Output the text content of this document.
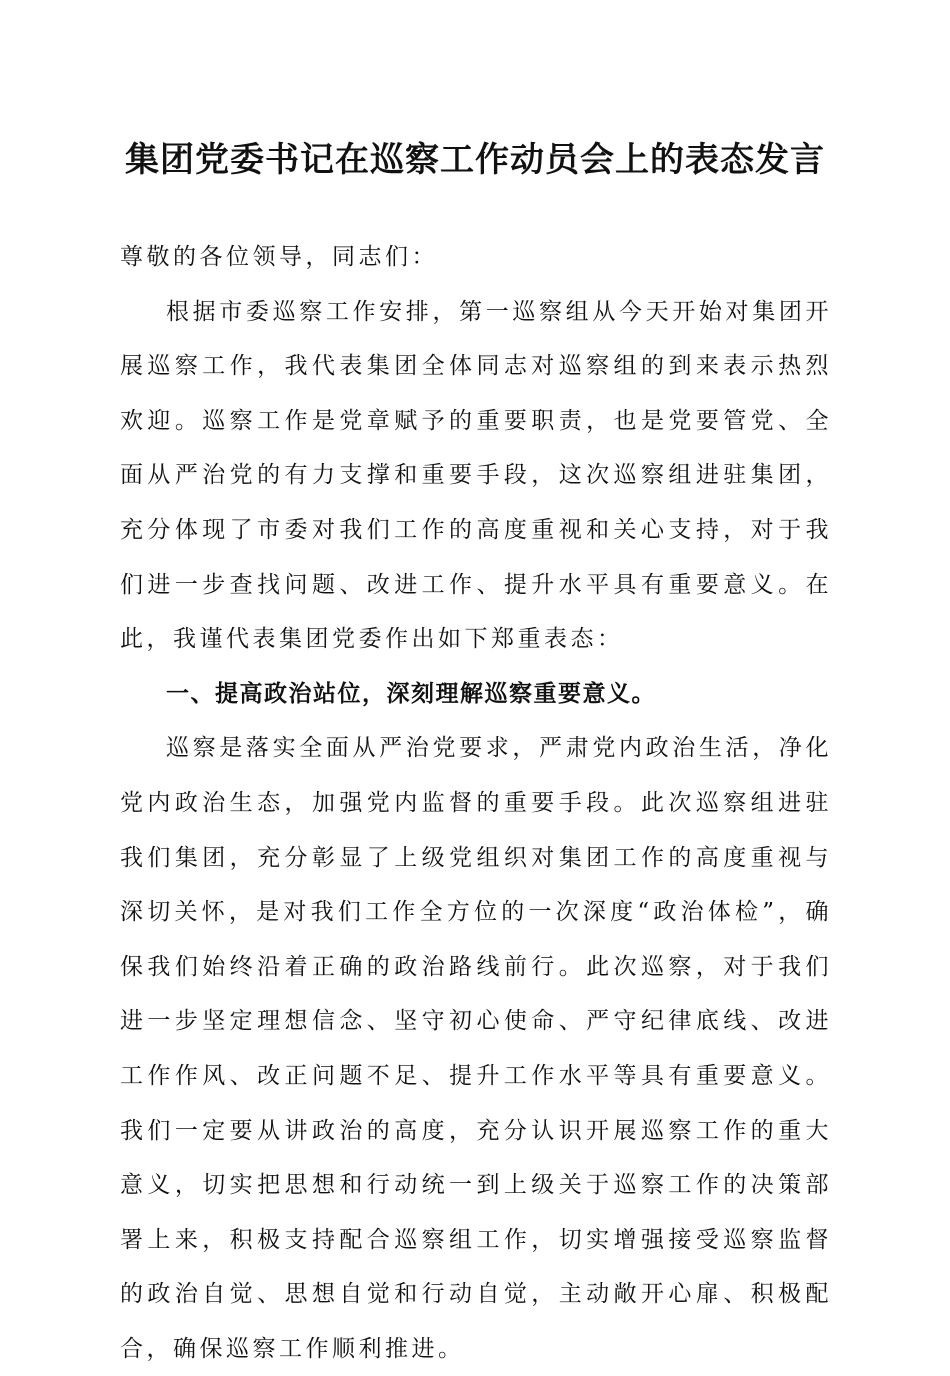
集团党委书记在巡察工作动员会上的表态发言

尊敬的各位领导，同志们：

根据市委巡察工作安排，第一巡察组从今天开始对集团开展巡察工作，我代表集团全体同志对巡察组的到来表示热烈欢迎。巡察工作是党章赋予的重要职责，也是党要管党、全面从严治党的有力支撑和重要手段，这次巡察组进驻集团，充分体现了市委对我们工作的高度重视和关心支持，对于我们进一步查找问题、改进工作、提升水平具有重要意义。在此，我谨代表集团党委作出如下郑重表态：

一、提高政治站位，深刻理解巡察重要意义。

巡察是落实全面从严治党要求，严肃党内政治生活，净化党内政治生态，加强党内监督的重要手段。此次巡察组进驻我们集团，充分彰显了上级党组织对集团工作的高度重视与深切关怀，是对我们工作全方位的一次深度“政治体检”，确保我们始终沿着正确的政治路线前行。此次巡察，对于我们进一步坚定理想信念、坚守初心使命、严守纪律底线、改进工作作风、改正问题不足、提升工作水平等具有重要意义。我们一定要从讲政治的高度，充分认识开展巡察工作的重大意义，切实把思想和行动统一到上级关于巡察工作的决策部署上来，积极支持配合巡察组工作，切实增强接受巡察监督的政治自觉、思想自觉和行动自觉，主动敞开心扉、积极配合，确保巡察工作顺利推进。
